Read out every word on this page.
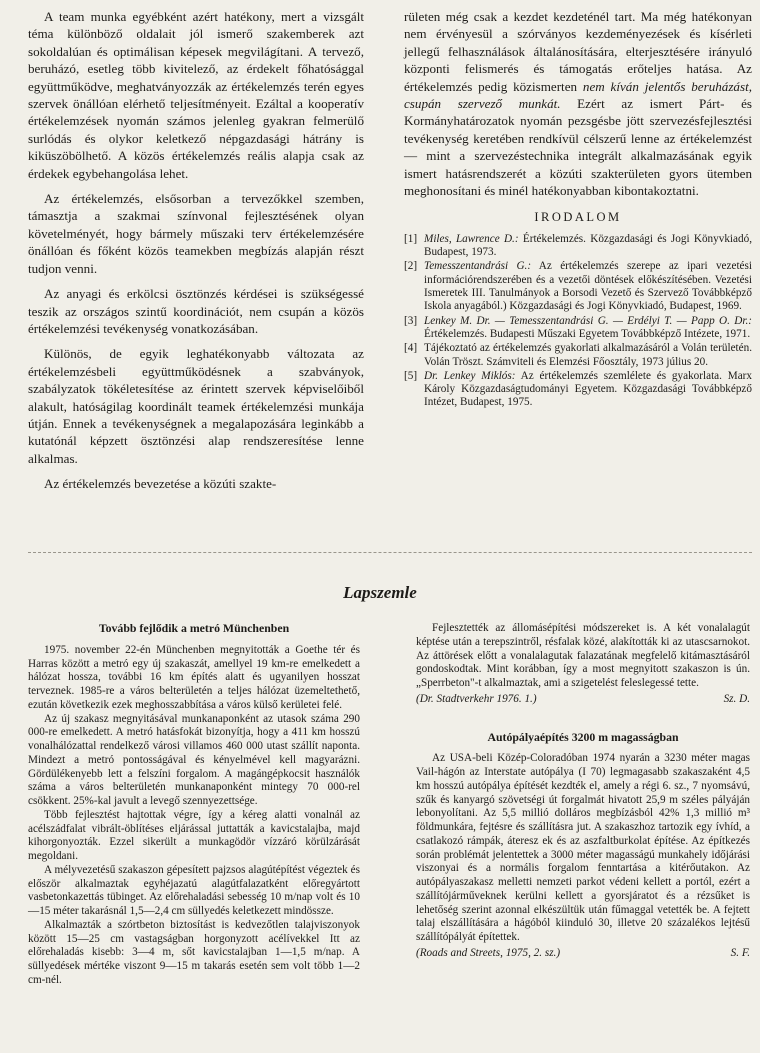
A team munka egyébként azért hatékony, mert a vizsgált téma különböző oldalait jól ismerő szakemberek azt sokoldalúan és optimálisan képesek megvilágítani. A tervező, beruházó, esetleg több kivitelező, az érdekelt főhatósággal együttműködve, meghatványozzák az értékelemzés terén egyes szervek önállóan elérhető teljesítményeit. Ezáltal a kooperatív értékelemzések nyomán számos jelenleg gyakran felmerülő surlódás és olykor keletkező népgazdasági hátrány is kiküszöbölhető. A közös értékelemzés reális alapja csak az érdekek egybehangolása lehet.

Az értékelemzés, elsősorban a tervezőkkel szemben, támasztja a szakmai színvonal fejlesztésének olyan követelményét, hogy bármely műszaki terv értékelemzésére önállóan és főként közös teamekben megbízás alapján részt tudjon venni.

Az anyagi és erkölcsi ösztönzés kérdései is szükségessé teszik az országos szintű koordinációt, nem csupán a közös értékelemzési tevékenység vonatkozásában.

Különös, de egyik leghatékonyabb változata az értékelemzésbeli együttműködésnek a szabványok, szabályzatok tökéletesítése az érintett szervek képviselőiből alakult, hatóságilag koordinált teamek értékelemzési munkája útján. Ennek a tevékenységnek a megalapozására leginkább a kutatónál képzett ösztönzési alap rendszeresítése lenne alkalmas.

Az értékelemzés bevezetése a közúti szakte-

rületen még csak a kezdet kezdeténél tart. Ma még hatékonyan nem érvényesül a szórványos kezdeményezések és kísérleti jellegű felhasználások általánosítására, elterjesztésére irányuló központi felismerés és támogatás erőteljes hatása. Az értékelemzés pedig közismerten nem kíván jelentős beruházást, csupán szervező munkát. Ezért az ismert Párt- és Kormányhatározatok nyomán pezsgésbe jött szervezésfejlesztési tevékenység keretében rendkívül célszerű lenne az értékelemzést — mint a szervezéstechnika integrált alkalmazásának egyik ismert hatásrendszerét a közúti szakterületen gyors ütemben meghonosítani és minél hatékonyabban kibontakoztatni.

IRODALOM
[1] Miles, Lawrence D.: Értékelemzés. Közgazdasági és Jogi Könyvkiadó, Budapest, 1973.
[2] Temesszentandrási G.: Az értékelemzés szerepe az ipari vezetési információrendszerében és a vezetői döntések előkészítésében. Vezetési Ismeretek III. Tanulmányok a Borsodi Vezető és Szervező Továbbképző Iskola anyagából.) Közgazdasági és Jogi Könyvkiadó, Budapest, 1969.
[3] Lenkey M. Dr. — Temesszentandrási G. — Erdélyi T. — Papp O. Dr.: Értékelemzés. Budapesti Műszaki Egyetem Továbbképző Intézete, 1971.
[4] Tájékoztató az értékelemzés gyakorlati alkalmazásáról a Volán területén. Volán Tröszt. Számviteli és Elemzési Főosztály, 1973 július 20.
[5] Dr. Lenkey Miklós: Az értékelemzés szemlélete és gyakorlata. Marx Károly Közgazdaságtudományi Egyetem. Közgazdasági Továbbképző Intézet, Budapest, 1975.
Lapszemle
Tovább fejlődik a metró Münchenben

1975. november 22-én Münchenben megnyitották a Goethe tér és Harras között a metró egy új szakaszát, amellyel 19 km-re emelkedett a hálózat hossza, további 16 km építés alatt és ugyanilyen hosszat terveznek. 1985-re a város belterületén a teljes hálózat üzemeltethető, ezután következik ezek meghosszabbítása a város külső kerületei felé.

Az új szakasz megnyitásával munkanaponként az utasok száma 290 000-re emelkedett. A metró hatásfokát bizonyítja, hogy a 411 km hosszú vonalhálózattal rendelkező városi villamos 460 000 utast szállít naponta. Mindezt a metró pontosságával és kényelmével kell magyarázni. Gördülékenyebb lett a felszíni forgalom. A magángépkocsit használók száma a város belterületén munkanaponként mintegy 70 000-rel csökkent. 25%-kal javult a levegő szennyezettsége.

Több fejlesztést hajtottak végre, így a kéreg alatti vonalnál az acélszádfalat vibrált-öblítéses eljárással juttatták a kavicstalajba, majd kihorgonyozták. Ezzel sikerült a munkagödör vízzáró körülzárását megoldani.

A mélyvezetésű szakaszon gépesített pajzsos alagútépítést végeztek és először alkalmaztak egyhéjazatú alagútfalazatként előregyártott vasbetonkazettás tübinget. Az előrehaladási sebesség 10 m/nap volt és 10—15 méter takarásnál 1,5—2,4 cm süllyedés keletkezett mindössze.

Alkalmazták a szórtbeton biztosítást is kedvezőtlen talajviszonyok között 15—25 cm vastagságban horgonyzott acélívekkel Itt az előrehaladás kisebb: 3—4 m, sőt kavicstalajban 1—1,5 m/nap. A süllyedések mértéke viszont 9—15 m takarás esetén sem volt több 1—2 cm-nél.

Fejlesztették az állomásépítési módszereket is. A két vonalalagút képtése után a terepszintről, résfalak közé, alakították ki az utascsarnokot. Az áttörések előtt a vonalalagutak falazatának megfelelő kitámasztásáról gondoskodtak. Mint korábban, így a most megnyitott szakaszon is ún. „Sperrbeton"-t alkalmaztak, ami a szigetelést feleslegessé tette.

(Dr. Stadtverkehr 1976. 1.)	Sz. D.
Autópályaépítés 3200 m magasságban

Az USA-beli Közép-Coloradóban 1974 nyarán a 3230 méter magas Vail-hágón az Interstate autópálya (I 70) legmagasabb szakaszaként 4,5 km hosszú autópálya építését kezdték el, amely a régi 6. sz., 7 nyomsávú, szűk és kanyargó szövetségi út forgalmát hivatott 25,9 m széles pályáján lebonyolítani. Az 5,5 millió dolláros megbízásból 42% 1,3 millió m³ földmunkára, fejtésre és szállításra jut. A szakaszhoz tartozik egy ívhíd, a csatlakozó rámpák, áteresz ek és az aszfaltburkolat építése. Az építkezés során problémát jelentettek a 3000 méter magasságú munkahely időjárási viszonyai és a normális forgalom fenntartása a kitérőutakon. Az autópályaszakasz melletti nemzeti parkot védeni kellett a portól, ezért a szállítójárműveknek kerülni kellett a gyorsjáratot és a rézsűket is lehetőség szerint azonnal elkészültük után fűmaggal vetették be. A fejtett talaj elszállítására a hágóból kiinduló 30, illetve 20 százalékos lejtésű szállítópályát építettek.

(Roads and Streets, 1975, 2. sz.)	S. F.
